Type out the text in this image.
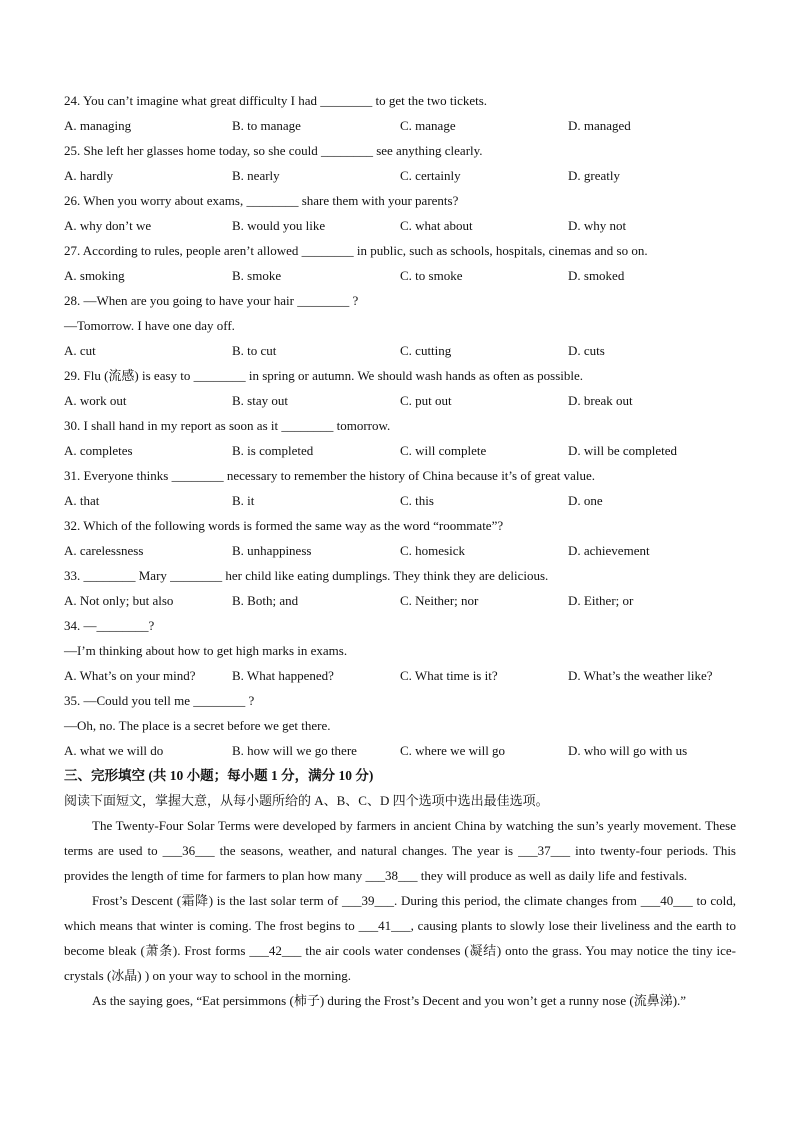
24. You can’t imagine what great difficulty I had ________ to get the two tickets.
A. managing	B. to manage	C. manage	D. managed
25. She left her glasses home today, so she could ________ see anything clearly.
A. hardly	B. nearly	C. certainly	D. greatly
26. When you worry about exams, ________ share them with your parents?
A. why don’t we	B. would you like	C. what about	D. why not
27. According to rules, people aren’t allowed ________ in public, such as schools, hospitals, cinemas and so on.
A. smoking	B. smoke	C. to smoke	D. smoked
28. —When are you going to have your hair ________ ?
—Tomorrow. I have one day off.
A. cut	B. to cut	C. cutting	D. cuts
29. Flu (流感) is easy to ________ in spring or autumn. We should wash hands as often as possible.
A. work out	B. stay out	C. put out	D. break out
30. I shall hand in my report as soon as it ________ tomorrow.
A. completes	B. is completed	C. will complete	D. will be completed
31. Everyone thinks ________ necessary to remember the history of China because it’s of great value.
A. that	B. it	C. this	D. one
32. Which of the following words is formed the same way as the word “roommate”?
A. carelessness	B. unhappiness	C. homesick	D. achievement
33. ________ Mary ________ her child like eating dumplings. They think they are delicious.
A. Not only; but also	B. Both; and	C. Neither; nor	D. Either; or
34. —________?
—I’m thinking about how to get high marks in exams.
A. What’s on your mind?	B. What happened?	C. What time is it?	D. What’s the weather like?
35. —Could you tell me ________ ?
—Oh, no. The place is a secret before we get there.
A. what we will do	B. how will we go there	C. where we will go	D. who will go with us
三、完形填空 (共 10 小题；每小题 1 分，满分 10 分)
阅读下面短文，掌握大意，从每小题所给的 A、B、C、D 四个选项中选出最佳选项。
The Twenty-Four Solar Terms were developed by farmers in ancient China by watching the sun’s yearly movement. These terms are used to ___36___ the seasons, weather, and natural changes. The year is ___37___ into twenty-four periods. This provides the length of time for farmers to plan how many ___38___ they will produce as well as daily life and festivals.
Frost’s Descent (霜降) is the last solar term of ___39___. During this period, the climate changes from ___40___ to cold, which means that winter is coming. The frost begins to ___41___, causing plants to slowly lose their liveliness and the earth to become bleak (萧条). Frost forms ___42___ the air cools water condenses (凝结) onto the grass. You may notice the tiny ice-crystals (冰晶) ) on your way to school in the morning.
As the saying goes, “Eat persimmons (柿子) during the Frost’s Decent and you won’t get a runny nose (流鼻涕).”
